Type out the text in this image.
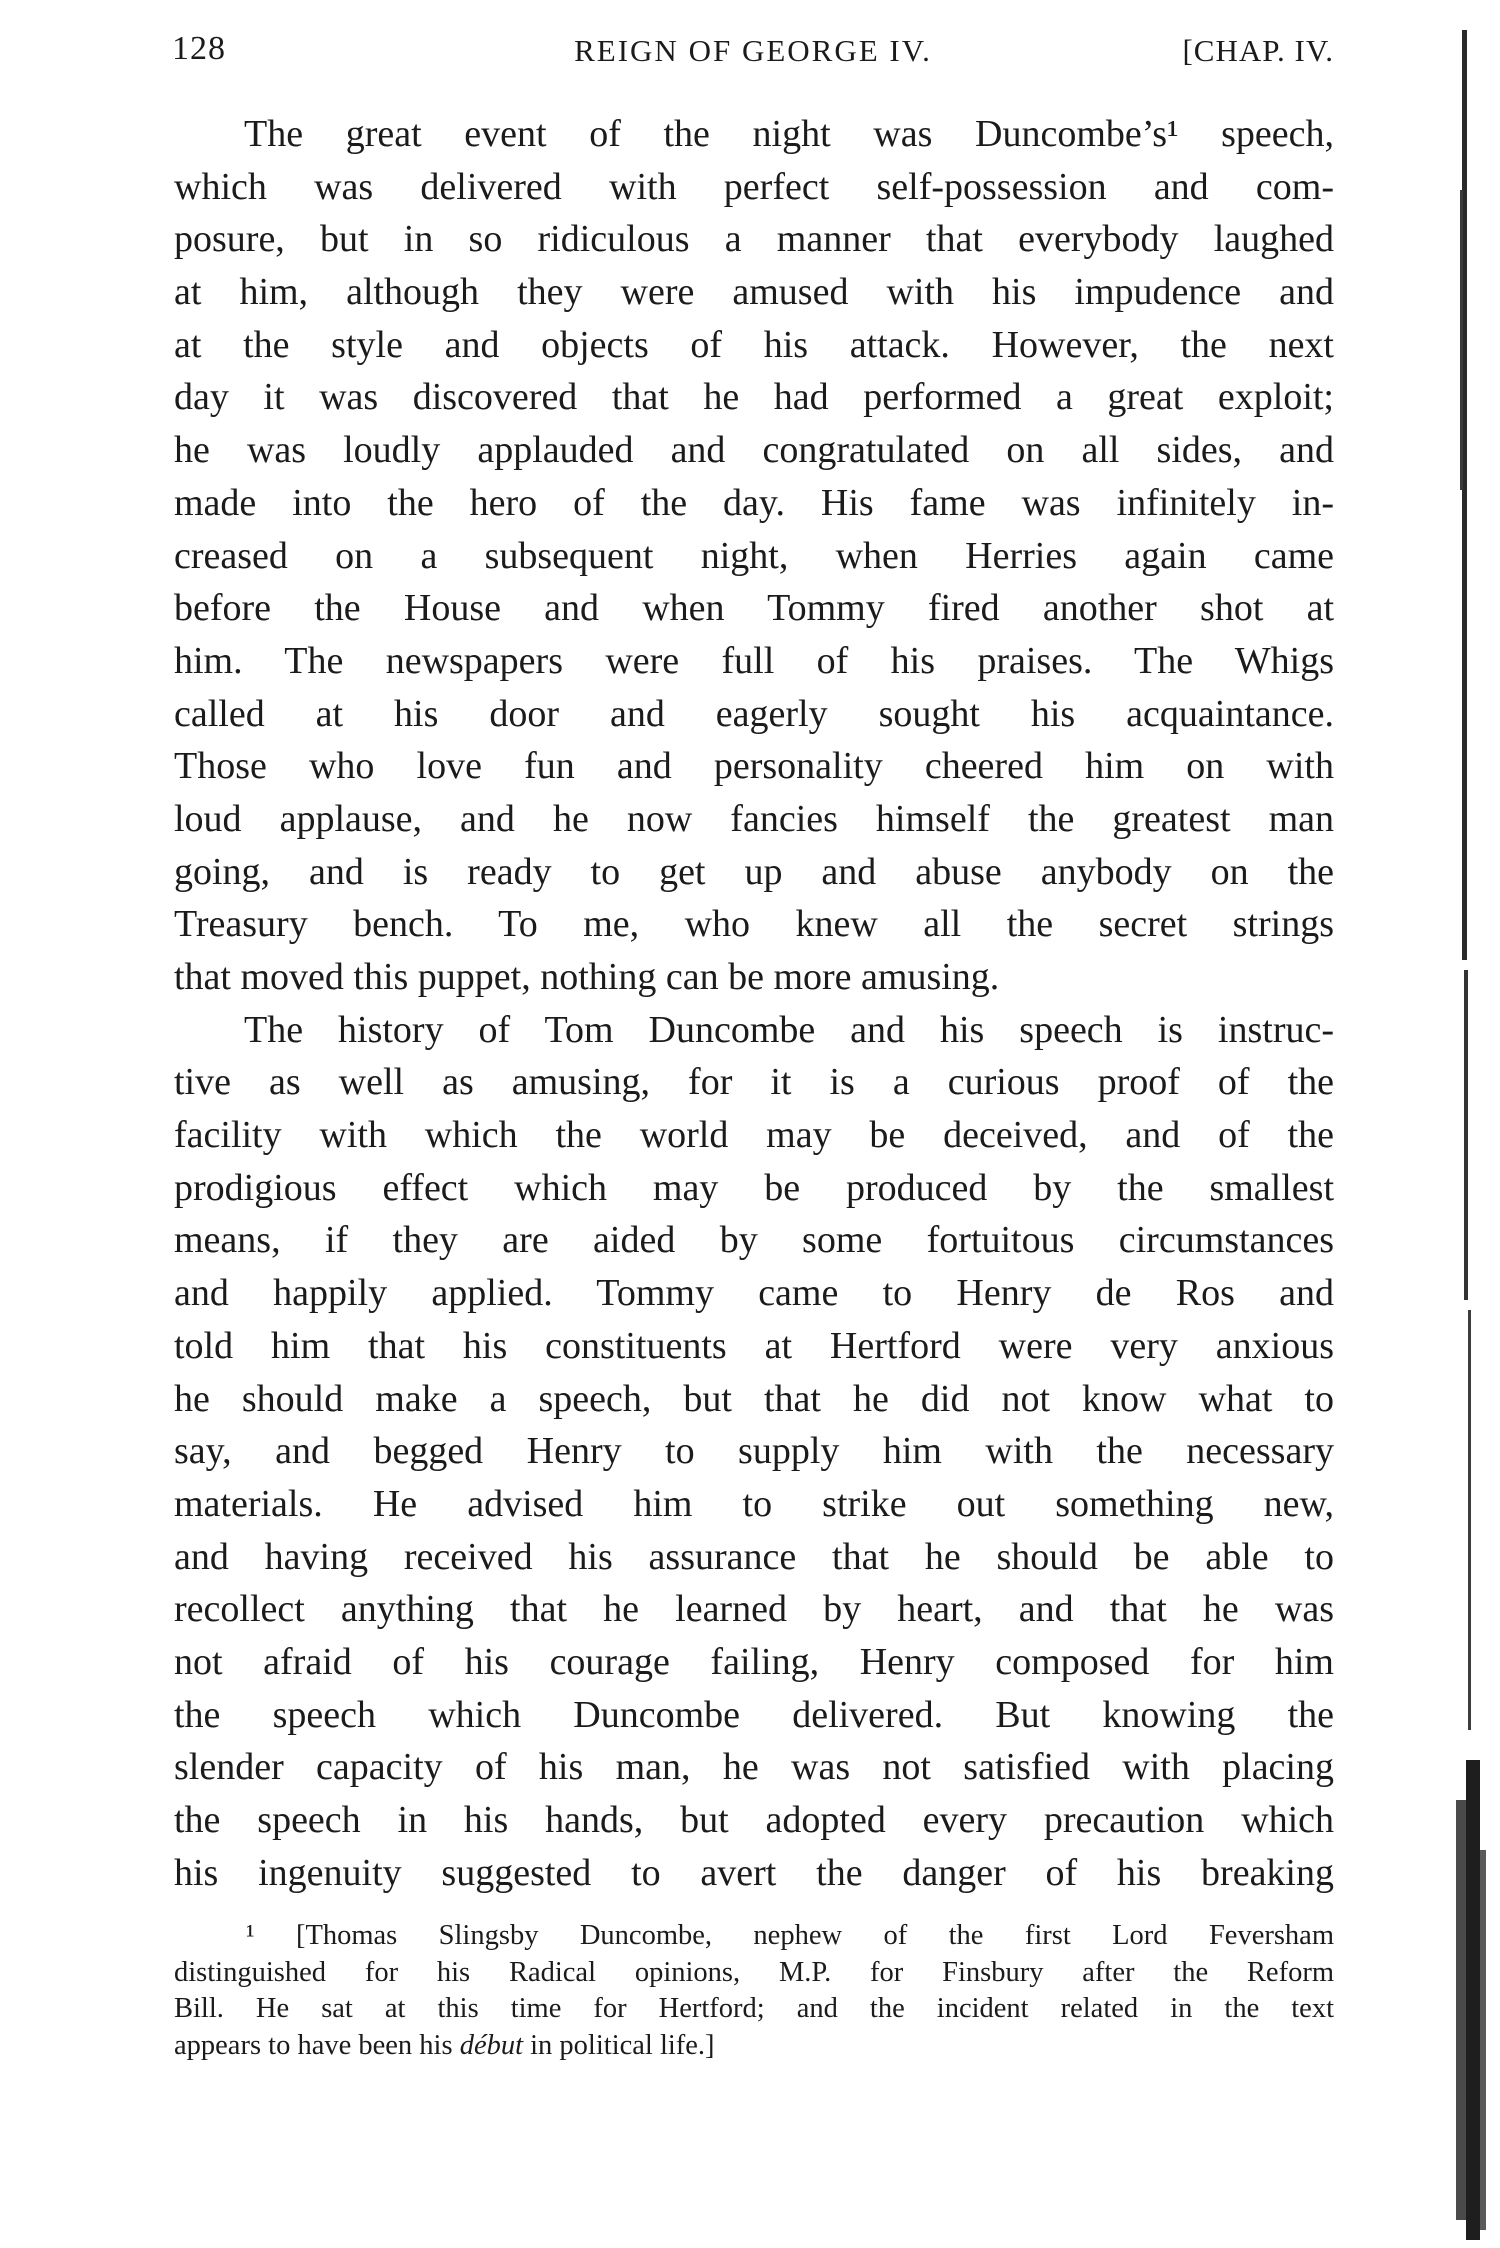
128	REIGN OF GEORGE IV.	[CHAP. IV.
The great event of the night was Duncombe’s¹ speech,
which was delivered with perfect self-possession and com-
posure, but in so ridiculous a manner that everybody laughed
at him, although they were amused with his impudence and
at the style and objects of his attack. However, the next
day it was discovered that he had performed a great exploit;
he was loudly applauded and congratulated on all sides, and
made into the hero of the day. His fame was infinitely in-
creased on a subsequent night, when Herries again came
before the House and when Tommy fired another shot at
him. The newspapers were full of his praises. The Whigs
called at his door and eagerly sought his acquaintance.
Those who love fun and personality cheered him on with
loud applause, and he now fancies himself the greatest man
going, and is ready to get up and abuse anybody on the
Treasury bench. To me, who knew all the secret strings
that moved this puppet, nothing can be more amusing.
The history of Tom Duncombe and his speech is instruc-
tive as well as amusing, for it is a curious proof of the
facility with which the world may be deceived, and of the
prodigious effect which may be produced by the smallest
means, if they are aided by some fortuitous circumstances
and happily applied. Tommy came to Henry de Ros and
told him that his constituents at Hertford were very anxious
he should make a speech, but that he did not know what to
say, and begged Henry to supply him with the necessary
materials. He advised him to strike out something new,
and having received his assurance that he should be able to
recollect anything that he learned by heart, and that he was
not afraid of his courage failing, Henry composed for him
the speech which Duncombe delivered. But knowing the
slender capacity of his man, he was not satisfied with placing
the speech in his hands, but adopted every precaution which
his ingenuity suggested to avert the danger of his breaking
¹ [Thomas Slingsby Duncombe, nephew of the first Lord Feversham
distinguished for his Radical opinions, M.P. for Finsbury after the Reform
Bill. He sat at this time for Hertford; and the incident related in the text
appears to have been his début in political life.]
